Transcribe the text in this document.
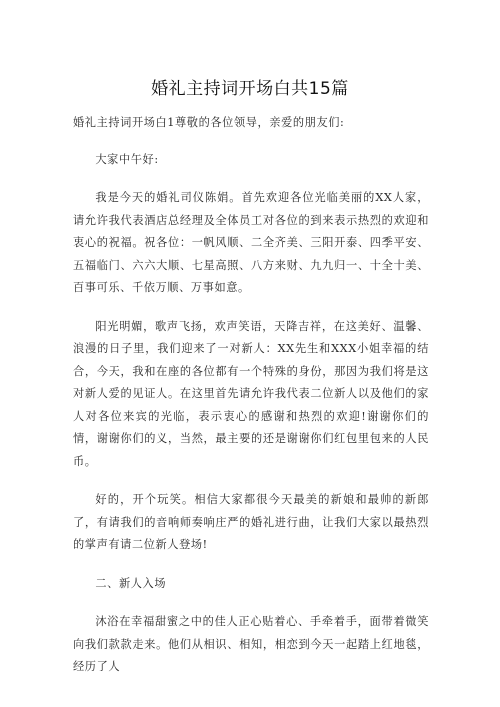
婚礼主持词开场白共15篇

婚礼主持词开场白1尊敬的各位领导，亲爱的朋友们:

大家中午好:

我是今天的婚礼司仪陈娟。首先欢迎各位光临美丽的XX人家，请允许我代表酒店总经理及全体员工对各位的到来表示热烈的欢迎和衷心的祝福。祝各位：一帆风顺、二全齐美、三阳开泰、四季平安、五福临门、六六大顺、七星高照、八方来财、九九归一、十全十美、百事可乐、千依万顺、万事如意。

阳光明媚，歌声飞扬，欢声笑语，天降吉祥，在这美好、温馨、浪漫的日子里，我们迎来了一对新人：XX先生和XXX小姐幸福的结合，今天，我和在座的各位都有一个特殊的身份，那因为我们将是这对新人爱的见证人。在这里首先请允许我代表二位新人以及他们的家人对各位来宾的光临，表示衷心的感谢和热烈的欢迎!谢谢你们的情，谢谢你们的义，当然，最主要的还是谢谢你们红包里包来的人民币。

好的，开个玩笑。相信大家都很今天最美的新娘和最帅的新郎了，有请我们的音响师奏响庄严的婚礼进行曲，让我们大家以最热烈的掌声有请二位新人登场!

二、新人入场

沐浴在幸福甜蜜之中的佳人正心贴着心、手牵着手，面带着微笑向我们款款走来。他们从相识、相知，相恋到今天一起踏上红地毯，经历了人
